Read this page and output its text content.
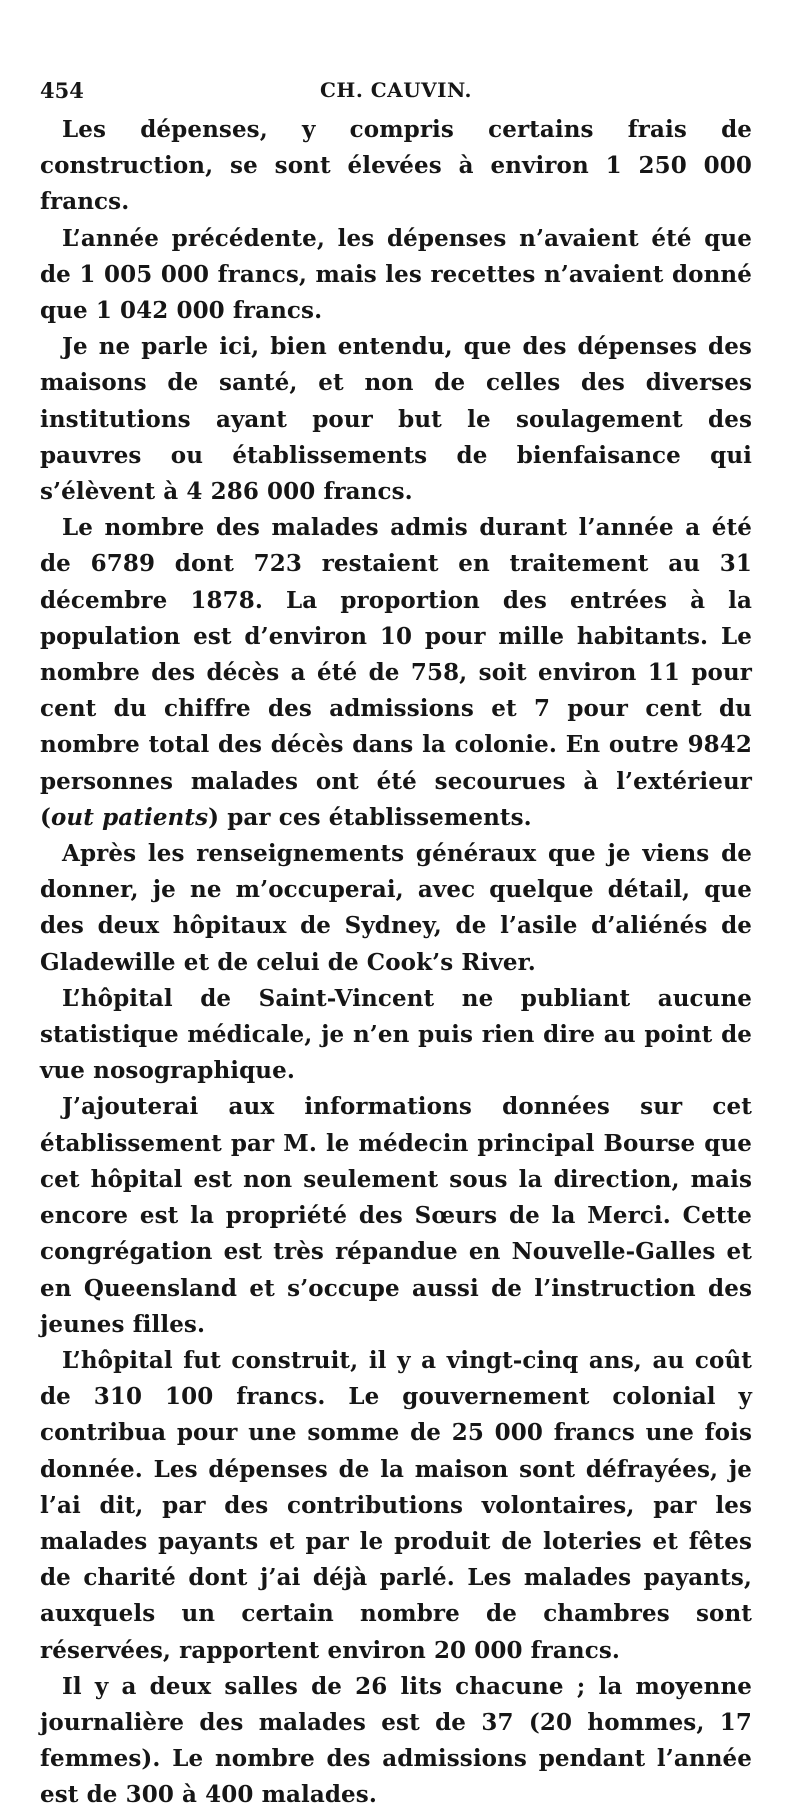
454	CH. CAUVIN.

Les dépenses, y compris certains frais de construction, se sont élevées à environ 1 250 000 francs.

L’année précédente, les dépenses n’avaient été que de 1 005 000 francs, mais les recettes n’avaient donné que 1 042 000 francs.

Je ne parle ici, bien entendu, que des dépenses des maisons de santé, et non de celles des diverses institutions ayant pour but le soulagement des pauvres ou établissements de bienfaisance qui s’élèvent à 4 286 000 francs.

Le nombre des malades admis durant l’année a été de 6789 dont 723 restaient en traitement au 31 décembre 1878. La proportion des entrées à la population est d’environ 10 pour mille habitants. Le nombre des décès a été de 758, soit environ 11 pour cent du chiffre des admissions et 7 pour cent du nombre total des décès dans la colonie. En outre 9842 personnes malades ont été secourues à l’extérieur (out patients) par ces établissements.

Après les renseignements généraux que je viens de donner, je ne m’occuperai, avec quelque détail, que des deux hôpitaux de Sydney, de l’asile d’aliénés de Gladewille et de celui de Cook’s River.

L’hôpital de Saint-Vincent ne publiant aucune statistique médicale, je n’en puis rien dire au point de vue nosographique.

J’ajouterai aux informations données sur cet établissement par M. le médecin principal Bourse que cet hôpital est non seulement sous la direction, mais encore est la propriété des Sœurs de la Merci. Cette congrégation est très répandue en Nouvelle-Galles et en Queensland et s’occupe aussi de l’instruction des jeunes filles.

L’hôpital fut construit, il y a vingt-cinq ans, au coût de 310 100 francs. Le gouvernement colonial y contribua pour une somme de 25 000 francs une fois donnée. Les dépenses de la maison sont défrayées, je l’ai dit, par des contributions volontaires, par les malades payants et par le produit de loteries et fêtes de charité dont j’ai déjà parlé. Les malades payants, auxquels un certain nombre de chambres sont réservées, rapportent environ 20 000 francs.

Il y a deux salles de 26 lits chacune ; la moyenne journalière des malades est de 37 (20 hommes, 17 femmes). Le nombre des admissions pendant l’année est de 300 à 400 malades.
